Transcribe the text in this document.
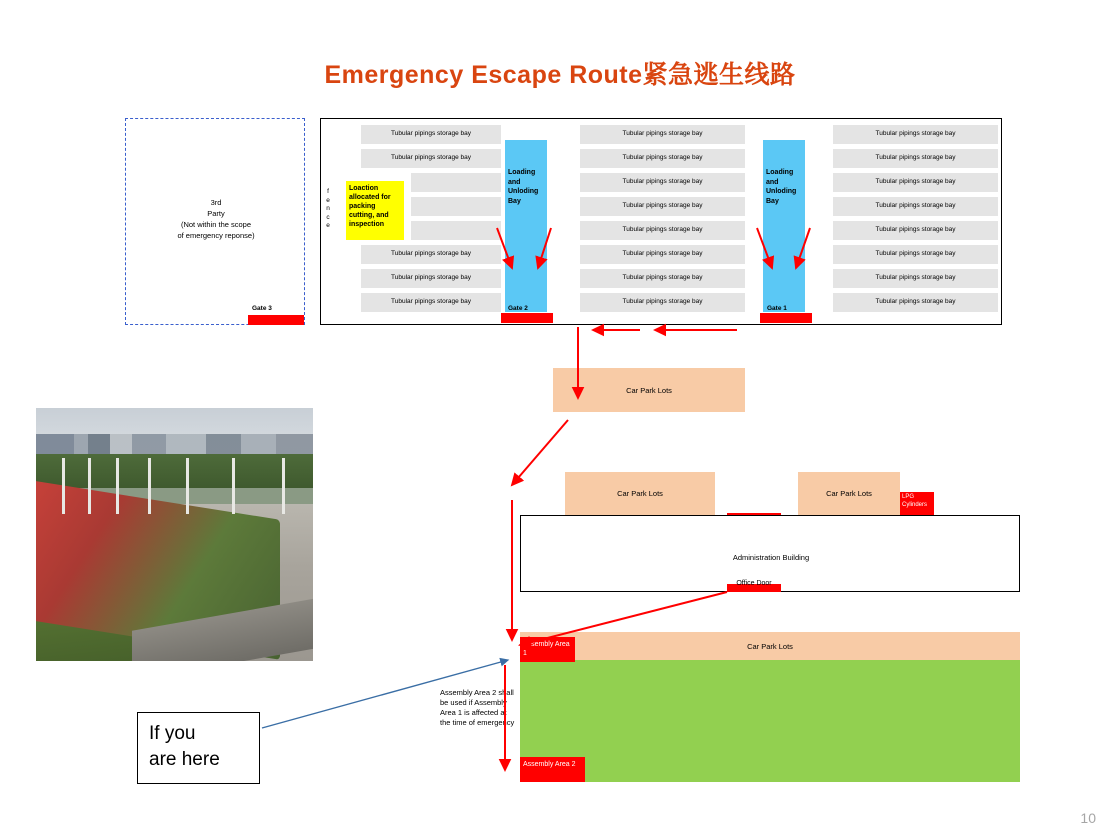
Emergency Escape Route紧急逃生线路
3rd
Party
(Not within the scope
of emergency reponse)
Gate 3
f
e
n
c
e
Tubular pipings storage bay
Tubular pipings storage bay
Tubular pipings storage bay
Tubular pipings storage bay
Tubular pipings storage bay
Loaction allocated for packing cutting, and inspection
Loading and Unloding Bay
Gate 2
Tubular pipings storage bay
Tubular pipings storage bay
Tubular pipings storage bay
Tubular pipings storage bay
Tubular pipings storage bay
Tubular pipings storage bay
Tubular pipings storage bay
Tubular pipings storage bay
Loading and Unloding Bay
Gate 1
Tubular pipings storage bay
Tubular pipings storage bay
Tubular pipings storage bay
Tubular pipings storage bay
Tubular pipings storage bay
Tubular pipings storage bay
Tubular pipings storage bay
Tubular pipings storage bay
Car Park Lots
Car Park Lots	Car Park Lots	LPG Cylinders
Administration Building
Office Door
Car Park Lots
Assembly Area 1
Assembly Area 2
Assembly Area 2 shall be used if Assembly Area 1 is affected at the time of emergency
If you
are here
10
